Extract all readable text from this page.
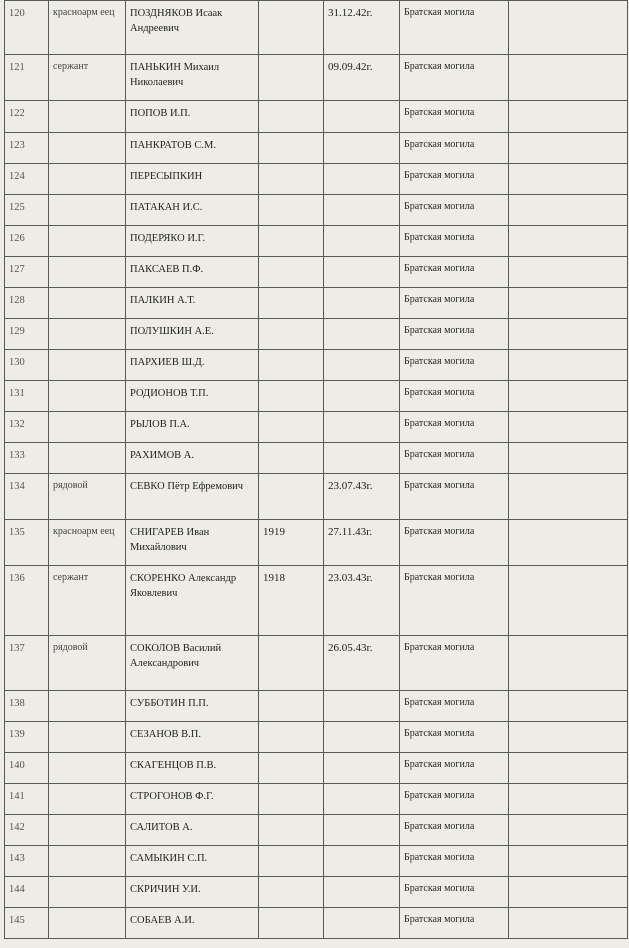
120	красноарм еец	ПОЗДНЯКОВ Исаак Андреевич		31.12.42г.	Братская могила	
121	сержант	ПАНЬКИН Михаил Николаевич		09.09.42г.	Братская могила	
122		ПОПОВ И.П.			Братская могила	
123		ПАНКРАТОВ С.М.			Братская могила	
124		ПЕРЕСЫПКИН			Братская могила	
125		ПАТАКАН И.С.			Братская могила	
126		ПОДЕРЯКО И.Г.			Братская могила	
127		ПАКСАЕВ П.Ф.			Братская могила	
128		ПАЛКИН А.Т.			Братская могила	
129		ПОЛУШКИН А.Е.			Братская могила	
130		ПАРХИЕВ Ш.Д.			Братская могила	
131		РОДИОНОВ Т.П.			Братская могила	
132		РЫЛОВ П.А.			Братская могила	
133		РАХИМОВ А.			Братская могила	
134	рядовой	СЕВКО Пётр Ефремович		23.07.43г.	Братская могила	
135	красноарм еец	СНИГАРЕВ Иван Михайлович	1919	27.11.43г.	Братская могила	
136	сержант	СКОРЕНКО Александр Яковлевич	1918	23.03.43г.	Братская могила	
137	рядовой	СОКОЛОВ Василий Александрович		26.05.43г.	Братская могила	
138		СУББОТИН П.П.			Братская могила	
139		СЕЗАНОВ В.П.			Братская могила	
140		СКАГЕНЦОВ П.В.			Братская могила	
141		СТРОГОНОВ Ф.Г.			Братская могила	
142		САЛИТОВ А.			Братская могила	
143		САМЫКИН С.П.			Братская могила	
144		СКРИЧИН У.И.			Братская могила	
145		СОБАЕВ А.И.			Братская могила	
